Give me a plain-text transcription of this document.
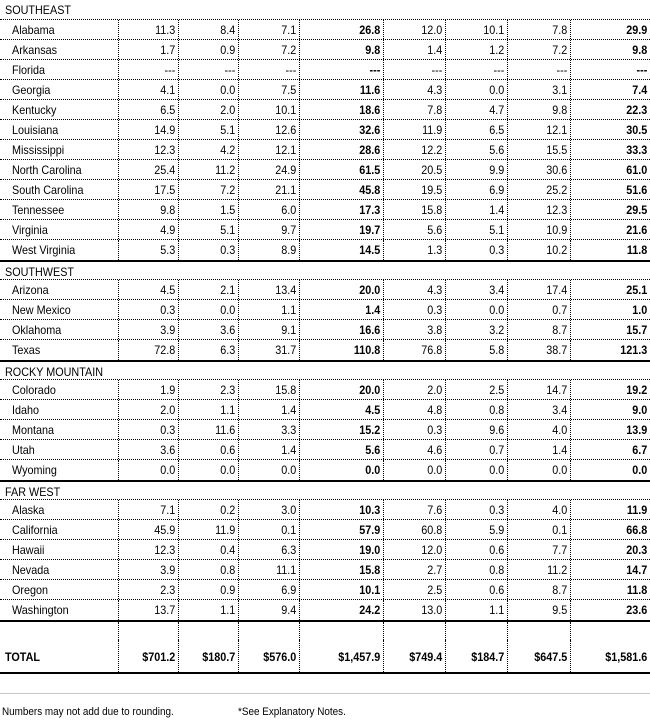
SOUTHEAST
Alabama	11.3	8.4	7.1	26.8	12.0	10.1	7.8	29.9
Arkansas	1.7	0.9	7.2	9.8	1.4	1.2	7.2	9.8
Florida	---	---	---	---	---	---	---	---
Georgia	4.1	0.0	7.5	11.6	4.3	0.0	3.1	7.4
Kentucky	6.5	2.0	10.1	18.6	7.8	4.7	9.8	22.3
Louisiana	14.9	5.1	12.6	32.6	11.9	6.5	12.1	30.5
Mississippi	12.3	4.2	12.1	28.6	12.2	5.6	15.5	33.3
North Carolina	25.4	11.2	24.9	61.5	20.5	9.9	30.6	61.0
South Carolina	17.5	7.2	21.1	45.8	19.5	6.9	25.2	51.6
Tennessee	9.8	1.5	6.0	17.3	15.8	1.4	12.3	29.5
Virginia	4.9	5.1	9.7	19.7	5.6	5.1	10.9	21.6
West Virginia	5.3	0.3	8.9	14.5	1.3	0.3	10.2	11.8
SOUTHWEST
Arizona	4.5	2.1	13.4	20.0	4.3	3.4	17.4	25.1
New Mexico	0.3	0.0	1.1	1.4	0.3	0.0	0.7	1.0
Oklahoma	3.9	3.6	9.1	16.6	3.8	3.2	8.7	15.7
Texas	72.8	6.3	31.7	110.8	76.8	5.8	38.7	121.3
ROCKY MOUNTAIN
Colorado	1.9	2.3	15.8	20.0	2.0	2.5	14.7	19.2
Idaho	2.0	1.1	1.4	4.5	4.8	0.8	3.4	9.0
Montana	0.3	11.6	3.3	15.2	0.3	9.6	4.0	13.9
Utah	3.6	0.6	1.4	5.6	4.6	0.7	1.4	6.7
Wyoming	0.0	0.0	0.0	0.0	0.0	0.0	0.0	0.0
FAR WEST
Alaska	7.1	0.2	3.0	10.3	7.6	0.3	4.0	11.9
California	45.9	11.9	0.1	57.9	60.8	5.9	0.1	66.8
Hawaii	12.3	0.4	6.3	19.0	12.0	0.6	7.7	20.3
Nevada	3.9	0.8	11.1	15.8	2.7	0.8	11.2	14.7
Oregon	2.3	0.9	6.9	10.1	2.5	0.6	8.7	11.8
Washington	13.7	1.1	9.4	24.2	13.0	1.1	9.5	23.6
TOTAL	$701.2	$180.7	$576.0	$1,457.9	$749.4	$184.7	$647.5	$1,581.6
Numbers may not add due to rounding.	*See Explanatory Notes.
